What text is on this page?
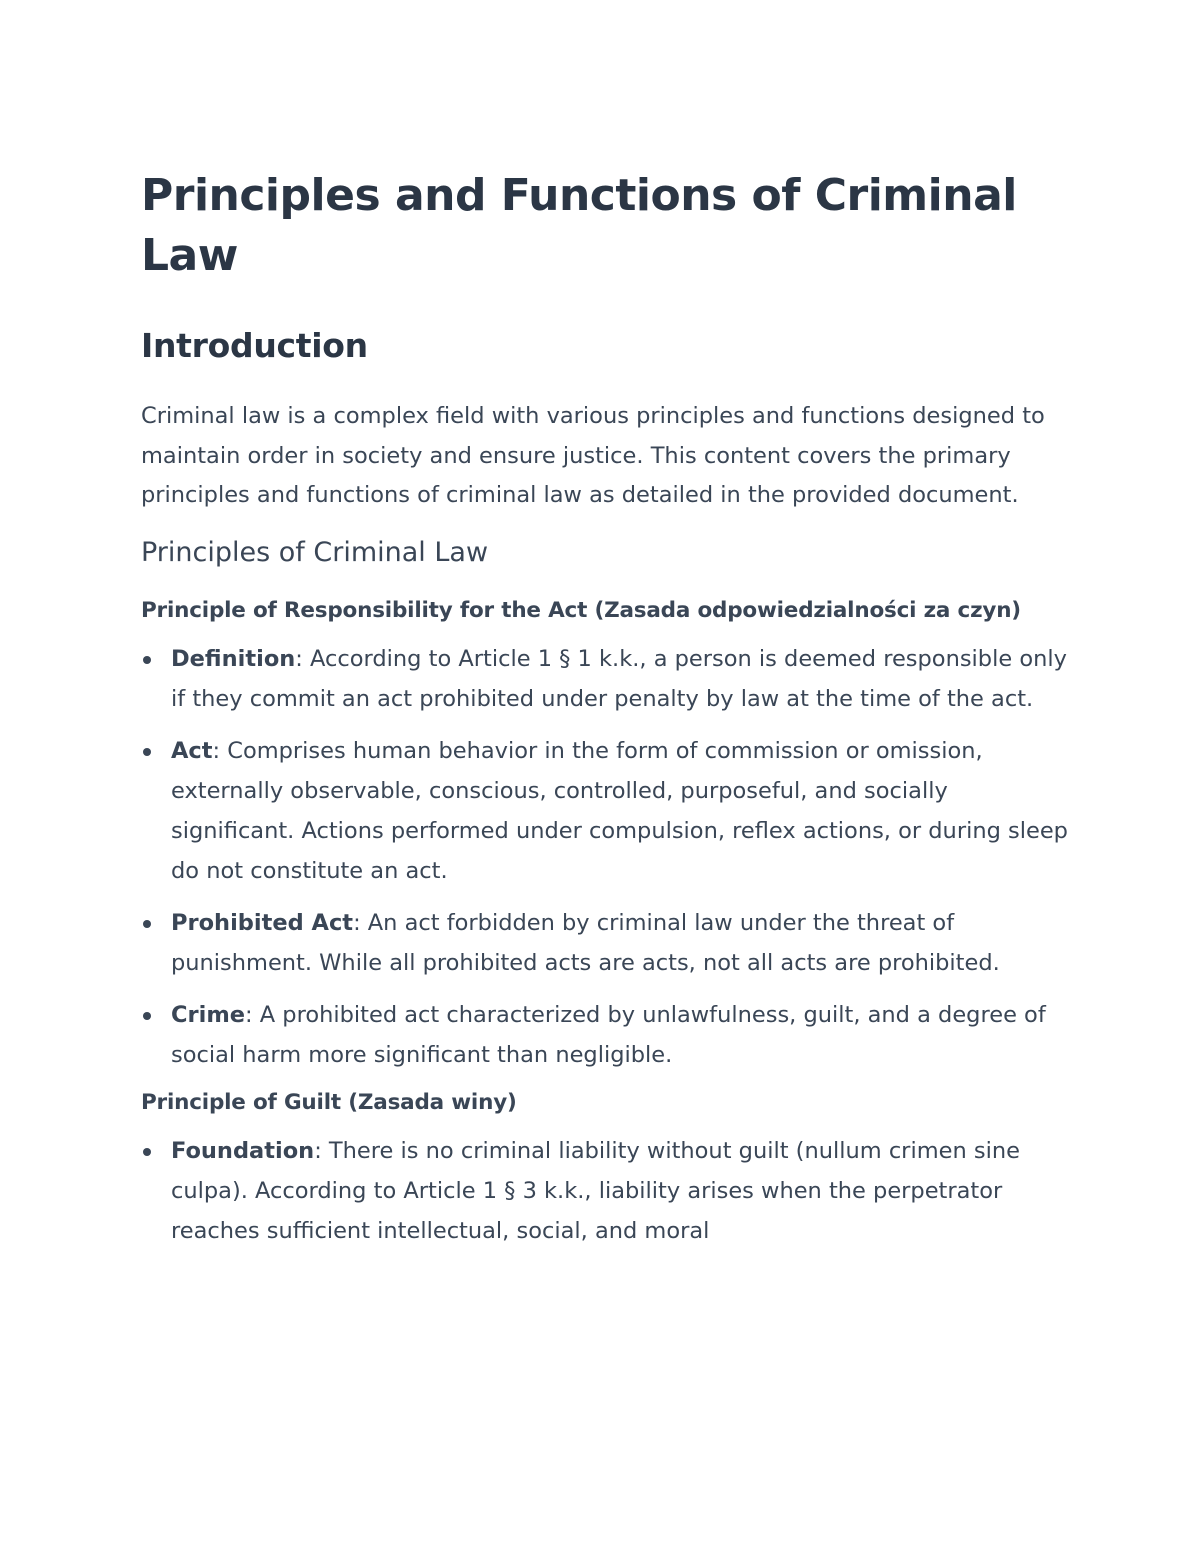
Principles and Functions of Criminal Law
Introduction

Criminal law is a complex field with various principles and functions designed to maintain order in society and ensure justice. This content covers the primary principles and functions of criminal law as detailed in the provided document.

Principles of Criminal Law
Principle of Responsibility for the Act (Zasada odpowiedzialności za czyn)
Definition: According to Article 1 § 1 k.k., a person is deemed responsible only if they commit an act prohibited under penalty by law at the time of the act.
Act: Comprises human behavior in the form of commission or omission, externally observable, conscious, controlled, purposeful, and socially significant. Actions performed under compulsion, reflex actions, or during sleep do not constitute an act.
Prohibited Act: An act forbidden by criminal law under the threat of punishment. While all prohibited acts are acts, not all acts are prohibited.
Crime: A prohibited act characterized by unlawfulness, guilt, and a degree of social harm more significant than negligible.
Principle of Guilt (Zasada winy)
Foundation: There is no criminal liability without guilt (nullum crimen sine culpa). According to Article 1 § 3 k.k., liability arises when the perpetrator reaches sufficient intellectual, social, and moral
